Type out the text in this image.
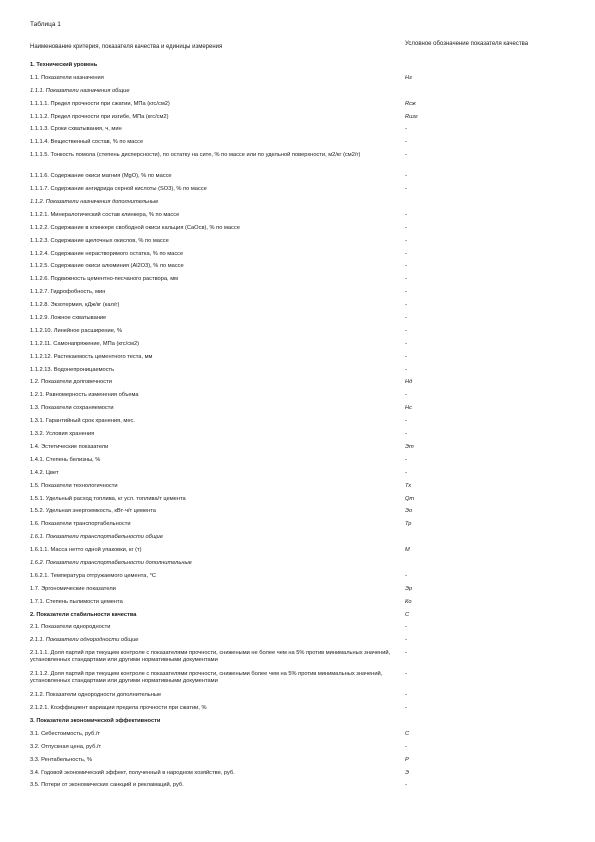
Таблица 1
Наименование критерия, показателя качества и единицы измерения	Условное обозначение показателя качества
1. Технический уровень	
1.1. Показатели назначения	Нз
1.1.1. Показатели назначения общие	
1.1.1.1. Предел прочности при сжатии, МПа (кгс/см2)	Rсж
1.1.1.2. Предел прочности при изгибе, МПа (кгс/см2)	Rизг
1.1.1.3. Сроки схватывания, ч, мин	-
1.1.1.4. Вещественный состав, % по массе	-
1.1.1.5. Тонкость помола (степень дисперсности), по остатку на сите, % по массе или по удельной поверхности, м2/кг (см2/г)	-
1.1.1.6. Содержание окиси магния (MgO), % по массе	-
1.1.1.7. Содержание ангидрида серной кислоты (SO3), % по массе	-
1.1.2. Показатели назначения дополнительные	
1.1.2.1. Минералогический состав клинкера, % по массе	-
1.1.2.2. Содержание в клинкере свободной окиси кальция (CaOсв), % по массе	-
1.1.2.3. Содержание щелочных окислов, % по массе	-
1.1.2.4. Содержание нерастворимого остатка, % по массе	-
1.1.2.5. Содержание окиси алюминия (Al2O3), % по массе	-
1.1.2.6. Подвижность цементно-песчаного раствора, мм	-
1.1.2.7. Гидрофобность, мин	-
1.1.2.8. Экзотермия, кДж/кг (кал/г)	-
1.1.2.9. Ложное схватывание	-
1.1.2.10. Линейное расширение, %	-
1.1.2.11. Самонапряжение, МПа (кгс/см2)	-
1.1.2.12. Растекаемость цементного теста, мм	-
1.1.2.13. Водонепроницаемость	-
1.2. Показатели долговечности	Нд
1.2.1. Равномерность изменения объема	-
1.3. Показатели сохраняемости	Нс
1.3.1. Гарантийный срок хранения, мес.	-
1.3.2. Условия хранения	-
1.4. Эстетические показатели	Эт
1.4.1. Степень белизны, %	-
1.4.2. Цвет	-
1.5. Показатели технологичности	Тх
1.5.1. Удельный расход топлива, кг усл. топлива/т цемента	Qт
1.5.2. Удельная энергоемкость, кВт·ч/т цемента	Эо
1.6. Показатели транспортабельности	Тр
1.6.1. Показатели транспортабельности общие	
1.6.1.1. Масса нетто одной упаковки, кг (т)	М
1.6.2. Показатели транспортабельности дополнительные	
1.6.2.1. Температура отгружаемого цемента, °С	-
1.7. Эргономические показатели	Эр
1.7.1. Степень пылимости цемента	Ко
2. Показатели стабильности качества	С
2.1. Показатели однородности	-
2.1.1. Показатели однородности общие	-
2.1.1.1. Доля партий при текущем контроле с показателями прочности, снижеными не более чем на 5% против минимальных значений, установленных стандартами или другими нормативными документами	-
2.1.1.2. Доля партий при текущем контроле с показателями прочности, снижеными более чем на 5% против минимальных значений, установленных стандартами или другими нормативными документами	-
2.1.2. Показатели однородности дополнительные	-
2.1.2.1. Коэффициент вариации предела прочности при сжатии, %	-
3. Показатели экономической эффективности	
3.1. Себестоимость, руб./т	С
3.2. Отпускная цена, руб./т	-
3.3. Рентабельность, %	Р
3.4. Годовой экономический эффект, полученный в народном хозяйстве, руб.	Э
3.5. Потери от экономических санкций и рекламаций, руб.	-
